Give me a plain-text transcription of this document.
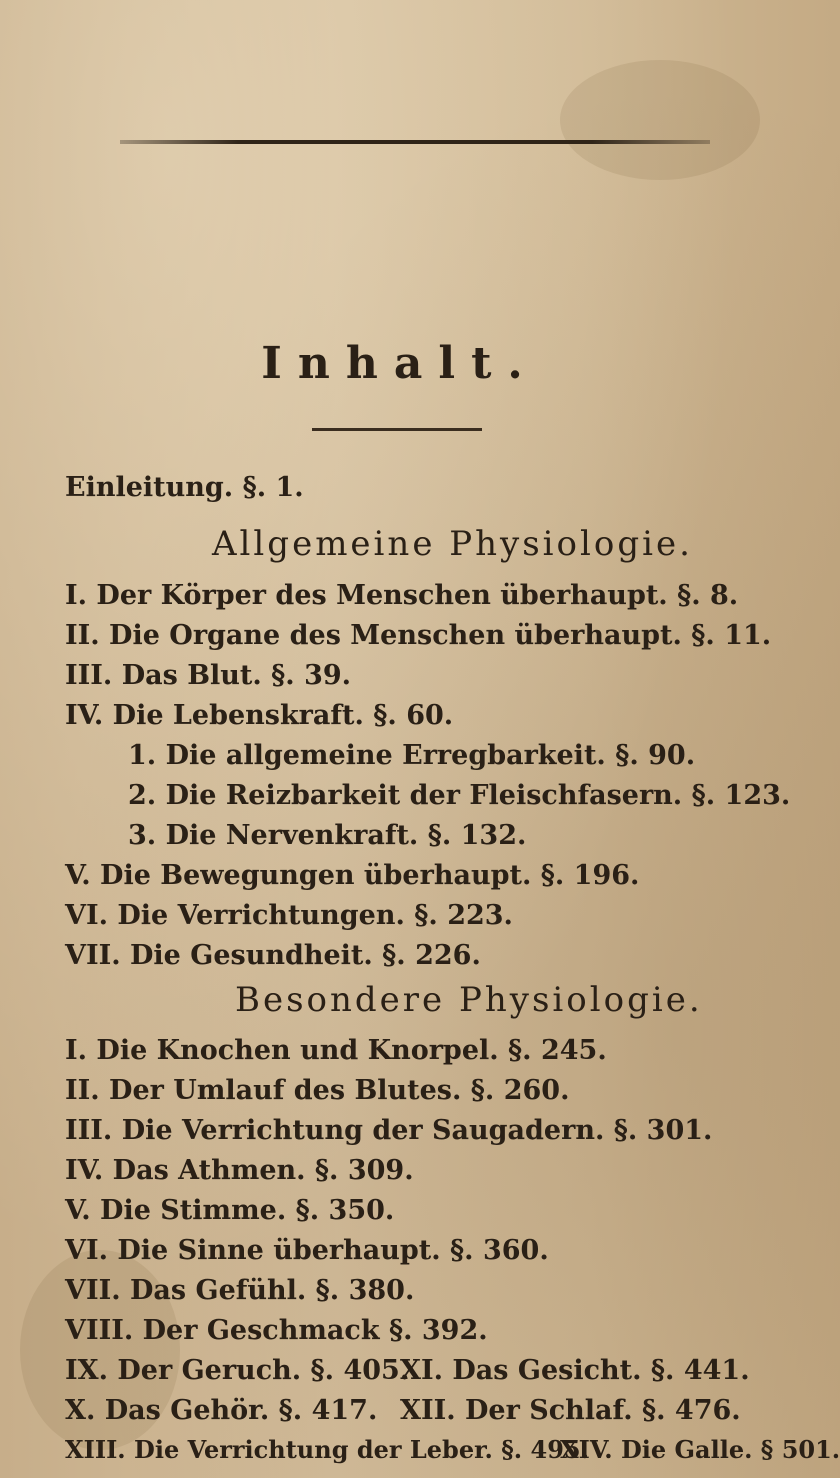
Inhalt.
Einleitung. §. 1.
Allgemeine Physiologie.
I. Der Körper des Menschen überhaupt. §. 8.
II. Die Organe des Menschen überhaupt. §. 11.
III. Das Blut. §. 39.
IV. Die Lebenskraft. §. 60.
1. Die allgemeine Erregbarkeit. §. 90.
2. Die Reizbarkeit der Fleischfasern. §. 123.
3. Die Nervenkraft. §. 132.
V. Die Bewegungen überhaupt. §. 196.
VI. Die Verrichtungen. §. 223.
VII. Die Gesundheit. §. 226.
Besondere Physiologie.
I. Die Knochen und Knorpel. §. 245.
II. Der Umlauf des Blutes. §. 260.
III. Die Verrichtung der Saugadern. §. 301.
IV. Das Athmen. §. 309.
V. Die Stimme. §. 350.
VI. Die Sinne überhaupt. §. 360.
VII. Das Gefühl. §. 380.
VIII. Der Geschmack §. 392.
IX. Der Geruch. §. 405.
X. Das Gehör. §. 417.
XI. Das Gesicht. §. 441.
XII. Der Schlaf. §. 476.
XIII. Die Verrichtung der Leber. §. 495.
XIV. Die Galle. § 501.
